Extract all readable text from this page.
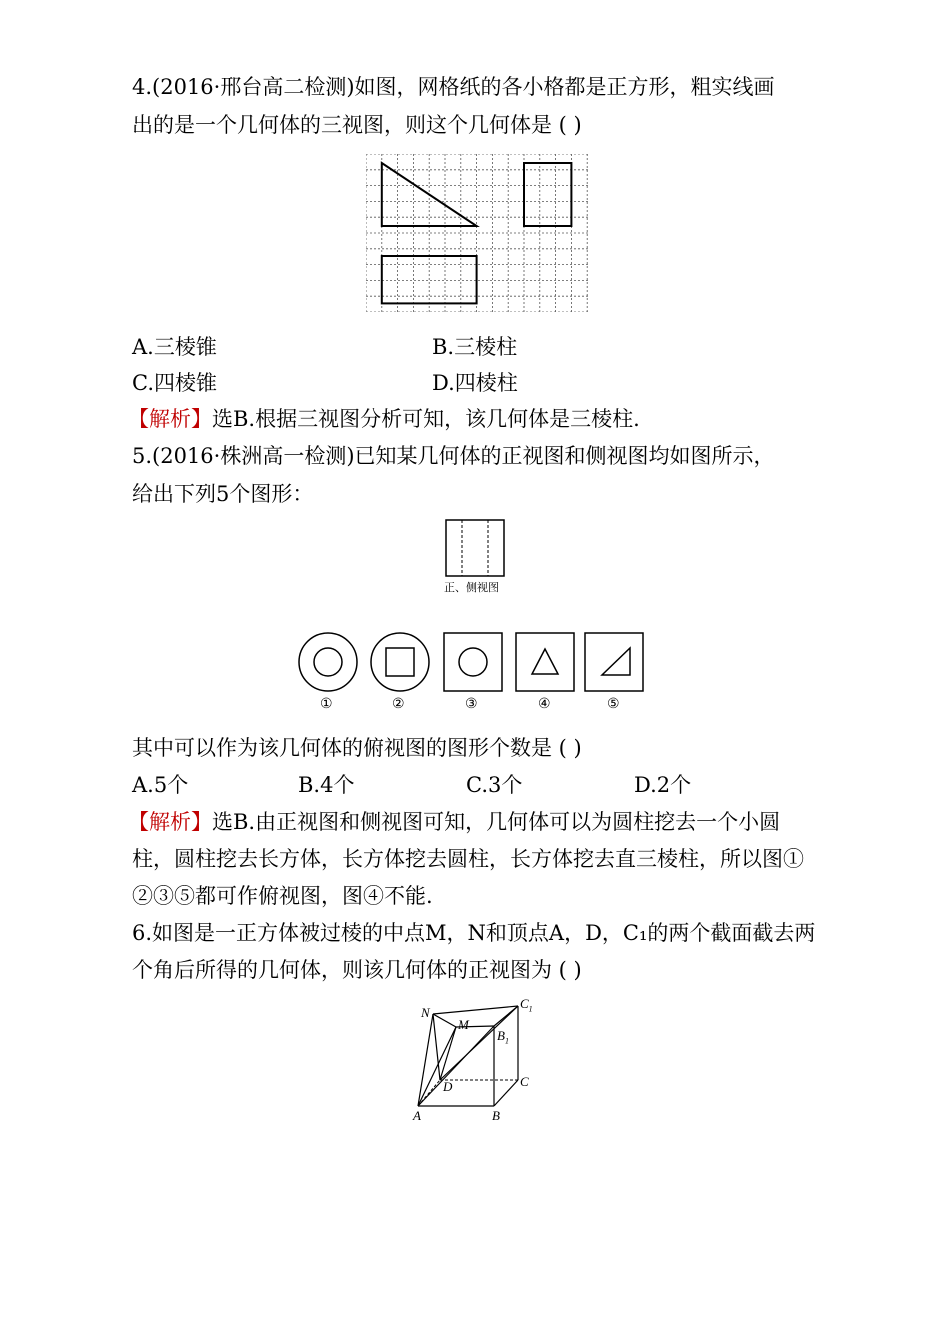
4.(2016·邢台高二检测)如图，网格纸的各小格都是正方形，粗实线画
出的是一个几何体的三视图，则这个几何体是 ( )
A.三棱锥	B.三棱柱
C.四棱锥	D.四棱柱
【解析】选B.根据三视图分析可知，该几何体是三棱柱.
5.(2016·株洲高一检测)已知某几何体的正视图和侧视图均如图所示，
给出下列5个图形：
正、侧视图
①	②	③	④	⑤
其中可以作为该几何体的俯视图的图形个数是 ( )
A.5个	B.4个	C.3个	D.2个
【解析】选B.由正视图和侧视图可知，几何体可以为圆柱挖去一个小圆
柱，圆柱挖去长方体，长方体挖去圆柱，长方体挖去直三棱柱，所以图①
②③⑤都可作俯视图，图④不能.
6.如图是一正方体被过棱的中点M，N和顶点A，D，C₁的两个截面截去两
个角后所得的几何体，则该几何体的正视图为 ( )
N
M
$C_1$
$B_1$
D	C
A	B
